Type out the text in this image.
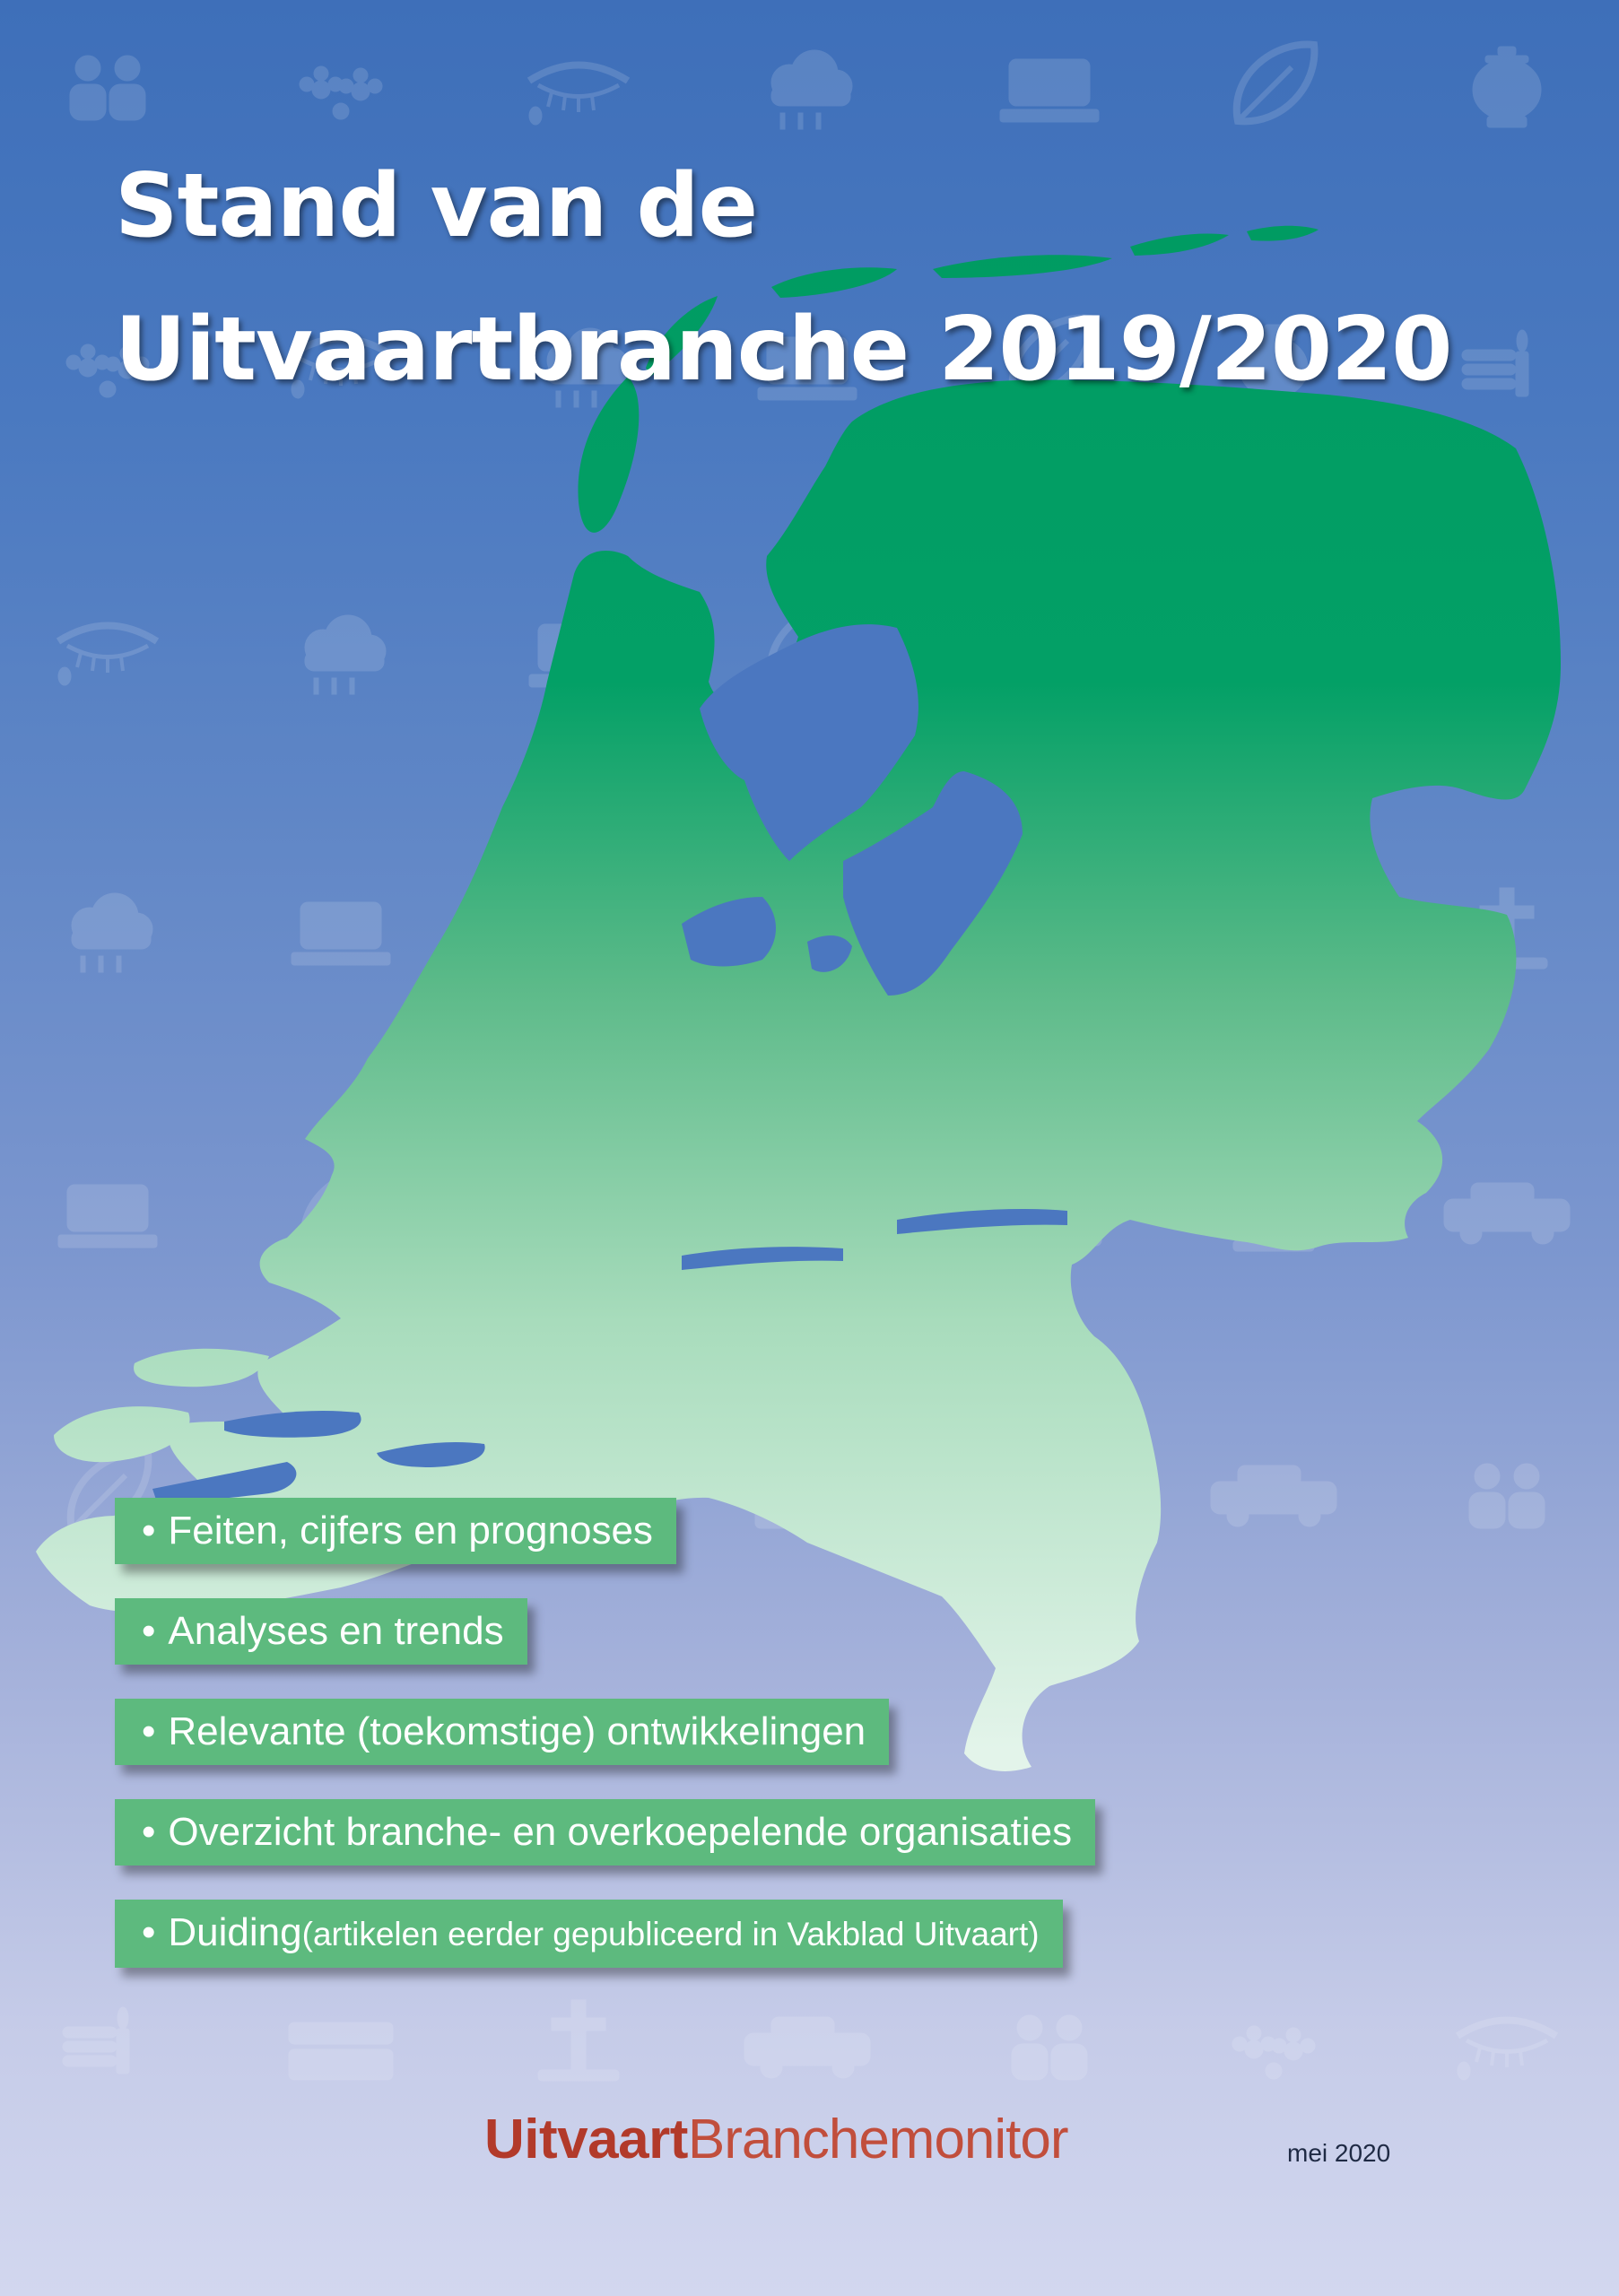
Stand van de
Uitvaartbranche 2019/2020
• Feiten, cijfers en prognoses
• Analyses en trends
• Relevante (toekomstige) ontwikkelingen
• Overzicht branche- en overkoepelende organisaties
• Duiding(artikelen eerder gepubliceerd in Vakblad Uitvaart)
UitvaartBranchemonitor	mei 2020
